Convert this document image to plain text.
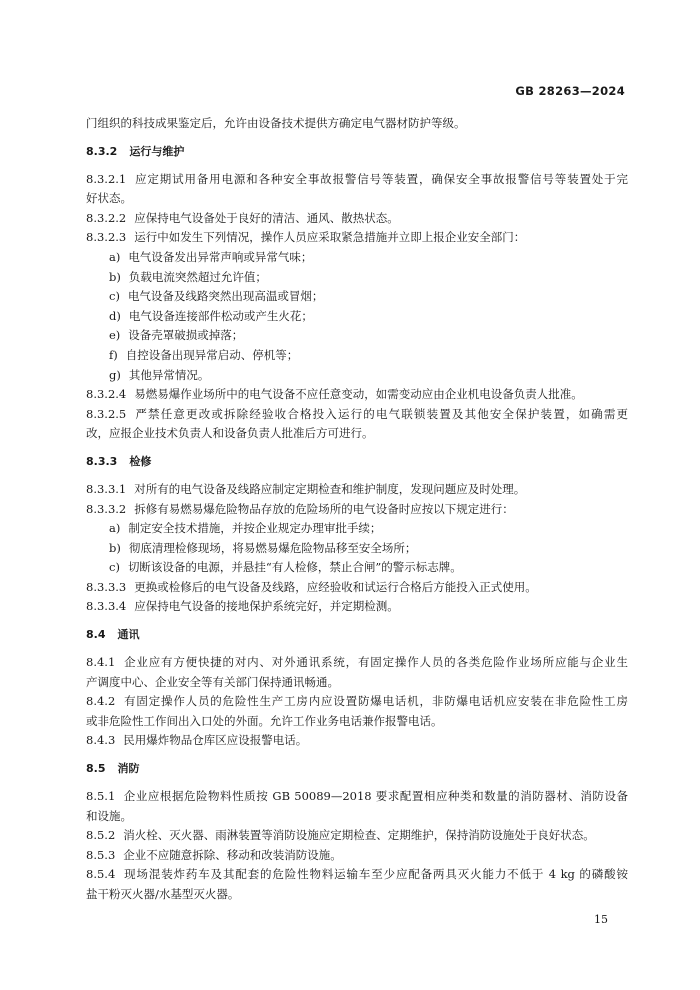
GB 28263—2024
门组织的科技成果鉴定后，允许由设备技术提供方确定电气器材防护等级。
8.3.2 运行与维护
8.3.2.1 应定期试用备用电源和各种安全事故报警信号等装置，确保安全事故报警信号等装置处于完
好状态。
8.3.2.2 应保持电气设备处于良好的清洁、通风、散热状态。
8.3.2.3 运行中如发生下列情况，操作人员应采取紧急措施并立即上报企业安全部门：
a) 电气设备发出异常声响或异常气味；
b) 负载电流突然超过允许值；
c) 电气设备及线路突然出现高温或冒烟；
d) 电气设备连接部件松动或产生火花；
e) 设备壳罩破损或掉落；
f) 自控设备出现异常启动、停机等；
g) 其他异常情况。
8.3.2.4 易燃易爆作业场所中的电气设备不应任意变动，如需变动应由企业机电设备负责人批准。
8.3.2.5 严禁任意更改或拆除经验收合格投入运行的电气联锁装置及其他安全保护装置，如确需更
改，应报企业技术负责人和设备负责人批准后方可进行。
8.3.3 检修
8.3.3.1 对所有的电气设备及线路应制定定期检查和维护制度，发现问题应及时处理。
8.3.3.2 拆修有易燃易爆危险物品存放的危险场所的电气设备时应按以下规定进行：
a) 制定安全技术措施，并按企业规定办理审批手续；
b) 彻底清理检修现场，将易燃易爆危险物品移至安全场所；
c) 切断该设备的电源，并悬挂“有人检修，禁止合闸”的警示标志牌。
8.3.3.3 更换或检修后的电气设备及线路，应经验收和试运行合格后方能投入正式使用。
8.3.3.4 应保持电气设备的接地保护系统完好，并定期检测。
8.4 通讯
8.4.1 企业应有方便快捷的对内、对外通讯系统，有固定操作人员的各类危险作业场所应能与企业生
产调度中心、企业安全等有关部门保持通讯畅通。
8.4.2 有固定操作人员的危险性生产工房内应设置防爆电话机，非防爆电话机应安装在非危险性工房
或非危险性工作间出入口处的外面。允许工作业务电话兼作报警电话。
8.4.3 民用爆炸物品仓库区应设报警电话。
8.5 消防
8.5.1 企业应根据危险物料性质按 GB 50089—2018 要求配置相应种类和数量的消防器材、消防设备
和设施。
8.5.2 消火栓、灭火器、雨淋装置等消防设施应定期检查、定期维护，保持消防设施处于良好状态。
8.5.3 企业不应随意拆除、移动和改装消防设施。
8.5.4 现场混装炸药车及其配套的危险性物料运输车至少应配备两具灭火能力不低于 4 kg 的磷酸铵
盐干粉灭火器/水基型灭火器。
15
